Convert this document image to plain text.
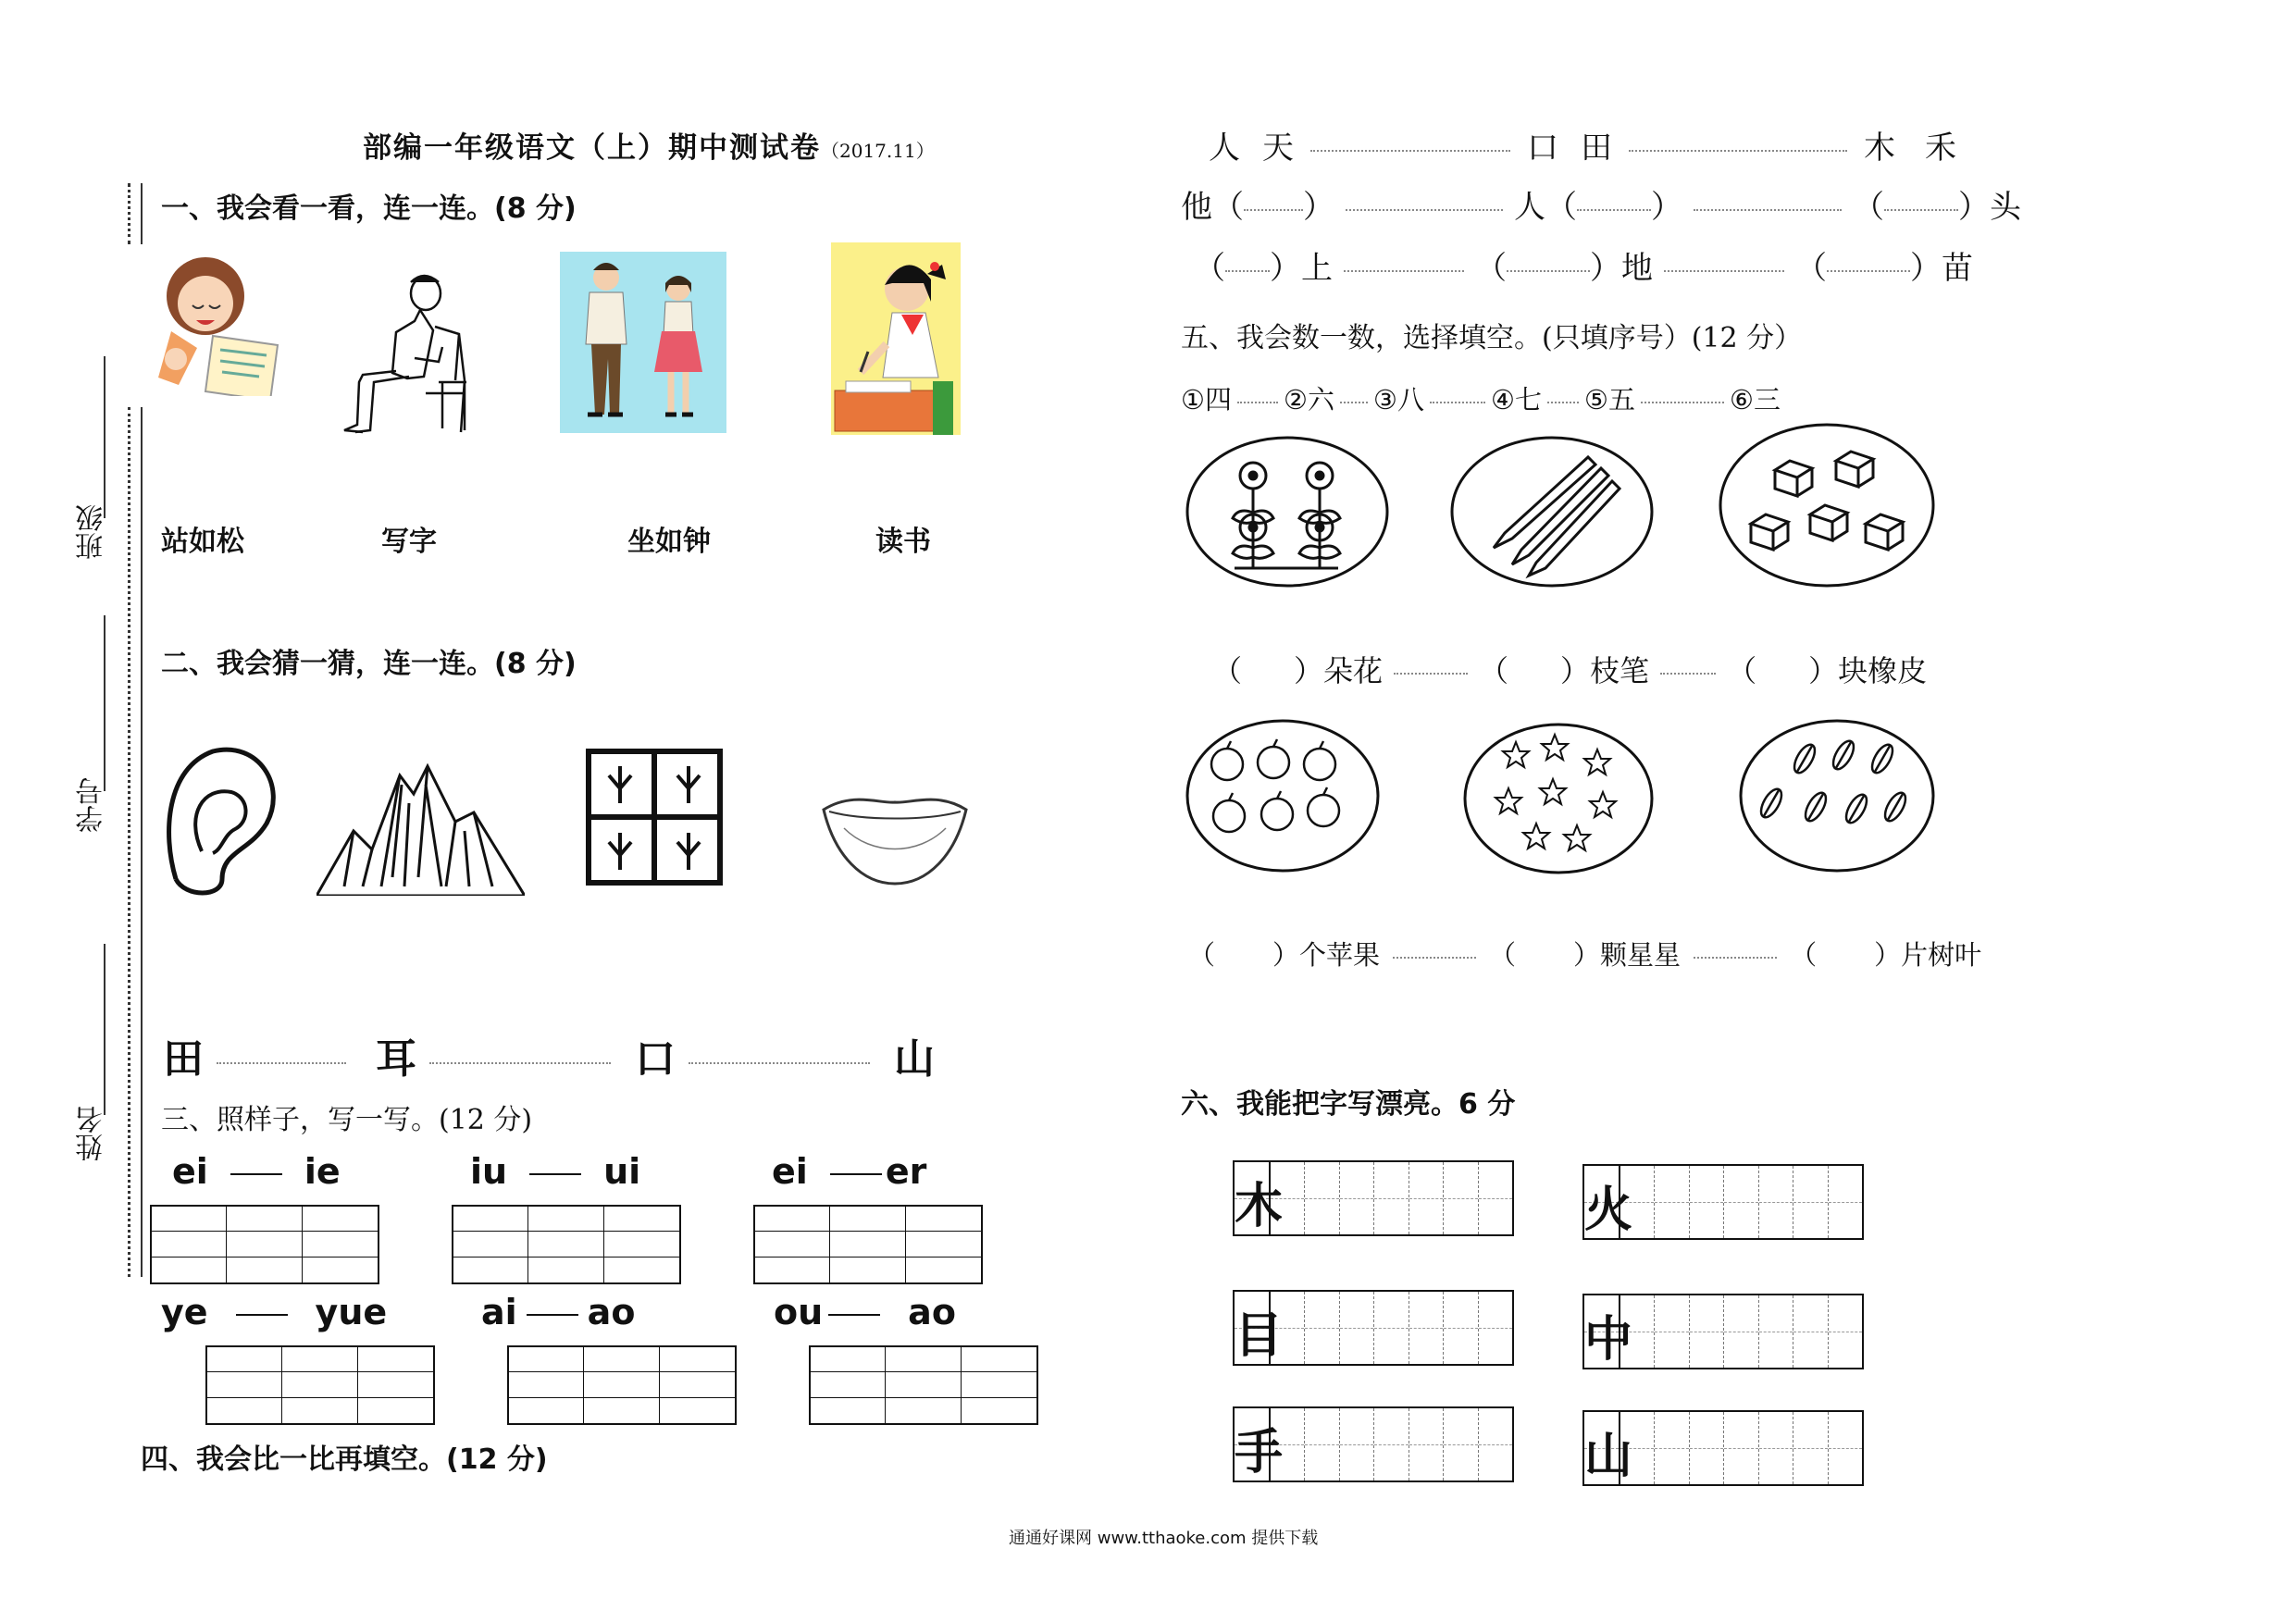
班级
学号
姓名
部编一年级语文（上）期中测试卷（2017.11）
一、我会看一看，连一连。(8 分)
站如松	写字	坐如钟	读书
二、我会猜一猜，连一连。(8 分)
田	耳	口	山
三、照样子，写一写。(12 分)
ei	ie	iu	ui	ei er
ye	yue	ai ao	ou ao
四、我会比一比再填空。(12 分)
人 天	口 田	木 禾
他（ ）	人（ ）	（ ）头
（ ）上	（	）地	（	）苗
五、我会数一数，选择填空。(只填序号）(12 分）
①四 ②六 ③八 ④七 ⑤五	⑥三
（ ）朵花	（ ）枝笔	（ ）块橡皮
（ ）个苹果	（ ）颗星星	（ ）片树叶
六、我能把字写漂亮。6 分
木	火
目	中
手	山
通通好课网 www.tthaoke.com 提供下载
